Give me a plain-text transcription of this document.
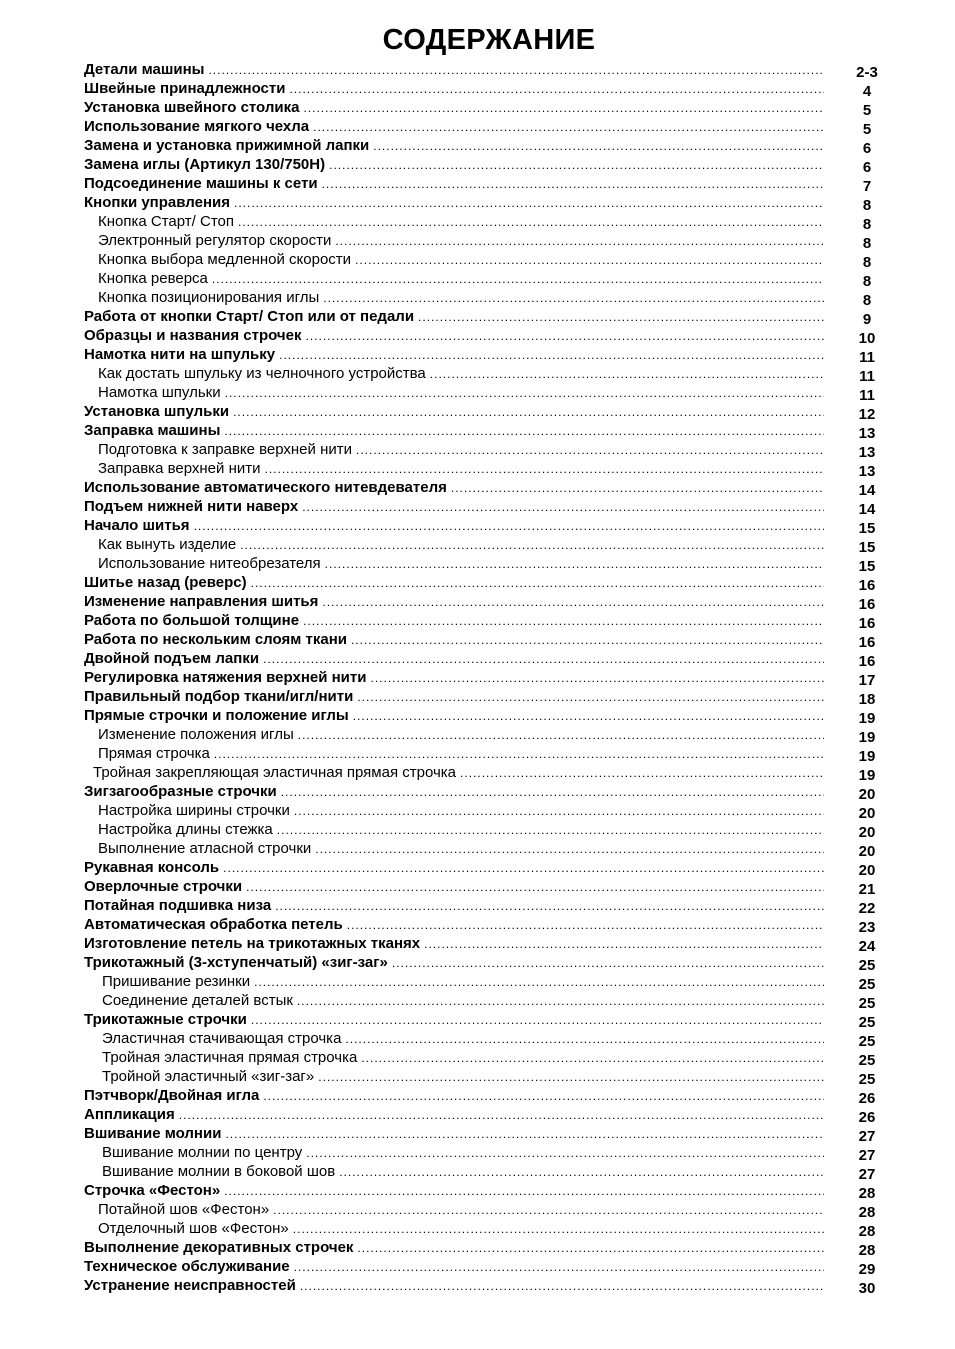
СОДЕРЖАНИЕ
Детали машины .....	2-3
Швейные принадлежности .....	4
Установка швейного столика .....	5
Использование мягкого чехла .....	5
Замена и установка прижимной лапки .....	6
Замена иглы (Артикул 130/750H) .....	6
Подсоединение машины к сети .....	7
Кнопки управления .....	8
Кнопка Старт/ Стоп .....	8
Электронный регулятор скорости .....	8
Кнопка выбора медленной скорости .....	8
Кнопка реверса .....	8
Кнопка позиционирования иглы .....	8
Работа от кнопки Старт/ Стоп или от педали .....	9
Образцы и названия строчек .....	10
Намотка нити на шпульку .....	11
Как достать шпульку из челночного устройства .....	11
Намотка шпульки .....	11
Установка шпульки .....	12
Заправка машины .....	13
Подготовка к заправке верхней нити .....	13
Заправка верхней нити .....	13
Использование автоматического нитевдевателя .....	14
Подъем нижней нити наверх .....	14
Начало шитья .....	15
Как вынуть изделие .....	15
Использование нитеобрезателя .....	15
Шитье назад (реверс) .....	16
Изменение направления шитья .....	16
Работа по большой толщине .....	16
Работа по нескольким слоям ткани .....	16
Двойной подъем лапки .....	16
Регулировка натяжения верхней нити .....	17
Правильный подбор ткани/игл/нити .....	18
Прямые строчки и положение иглы .....	19
Изменение положения иглы .....	19
Прямая строчка .....	19
Тройная закрепляющая эластичная прямая строчка .....	19
Зигзагообразные строчки .....	20
Настройка ширины строчки .....	20
Настройка длины стежка .....	20
Выполнение атласной строчки .....	20
Рукавная консоль .....	20
Оверлочные строчки .....	21
Потайная подшивка низа .....	22
Автоматическая обработка петель .....	23
Изготовление петель на трикотажных тканях .....	24
Трикотажный (3-хступенчатый) «зиг-заг» .....	25
Пришивание резинки .....	25
Соединение деталей встык .....	25
Трикотажные строчки .....	25
Эластичная стачивающая строчка .....	25
Тройная эластичная прямая строчка .....	25
Тройной эластичный «зиг-заг» .....	25
Пэтчворк/Двойная игла .....	26
Аппликация .....	26
Вшивание молнии .....	27
Вшивание молнии по центру .....	27
Вшивание молнии в боковой шов .....	27
Строчка «Фестон» .....	28
Потайной шов «Фестон» .....	28
Отделочный шов «Фестон» .....	28
Выполнение декоративных строчек .....	28
Техническое обслуживание .....	29
Устранение неисправностей .....	30
